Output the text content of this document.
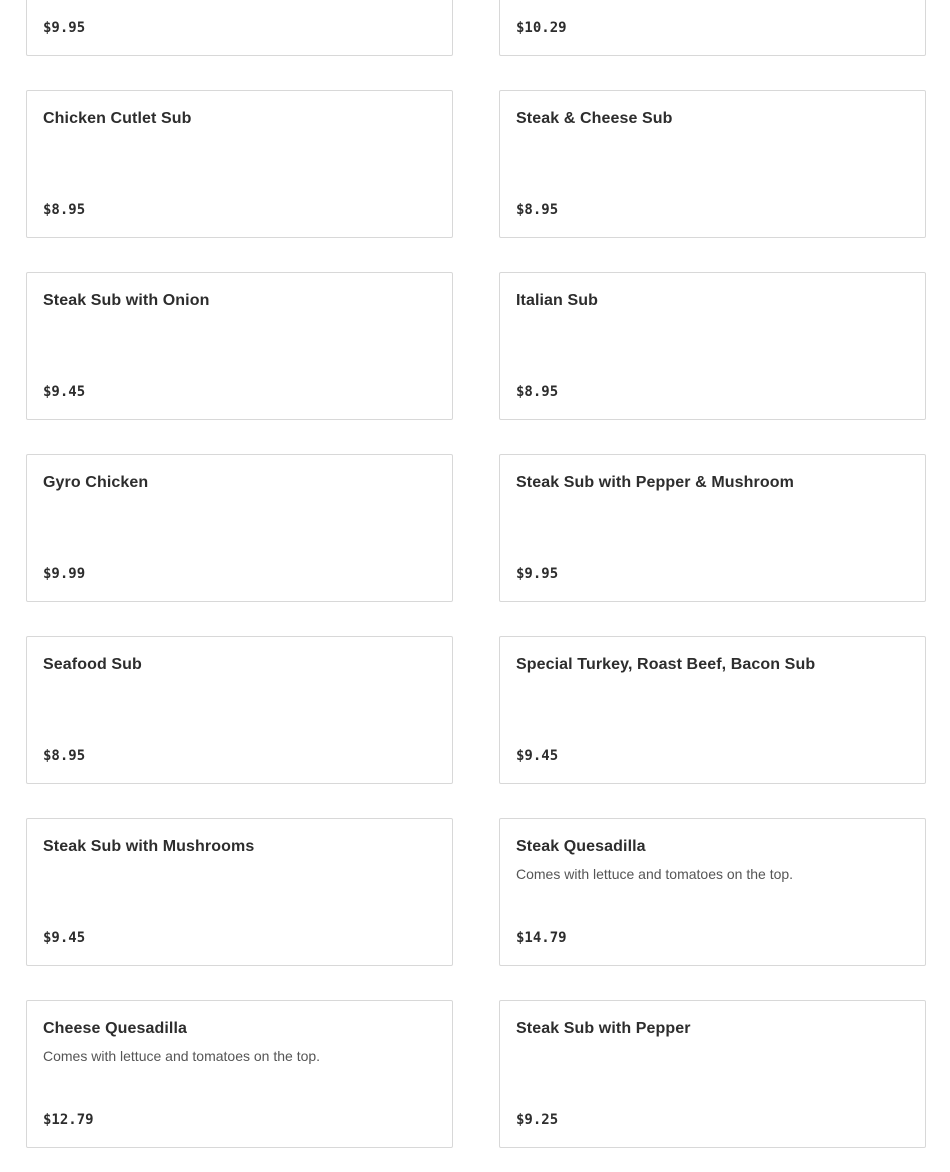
$9.95	$10.29
Chicken Cutlet Sub
$8.95
Steak & Cheese Sub
$8.95
Steak Sub with Onion
$9.45
Italian Sub
$8.95
Gyro Chicken
$9.99
Steak Sub with Pepper & Mushroom
$9.95
Seafood Sub
$8.95
Special Turkey, Roast Beef, Bacon Sub
$9.45
Steak Sub with Mushrooms
$9.45
Steak Quesadilla
Comes with lettuce and tomatoes on the top.
$14.79
Cheese Quesadilla
Comes with lettuce and tomatoes on the top.
$12.79
Steak Sub with Pepper
$9.25
